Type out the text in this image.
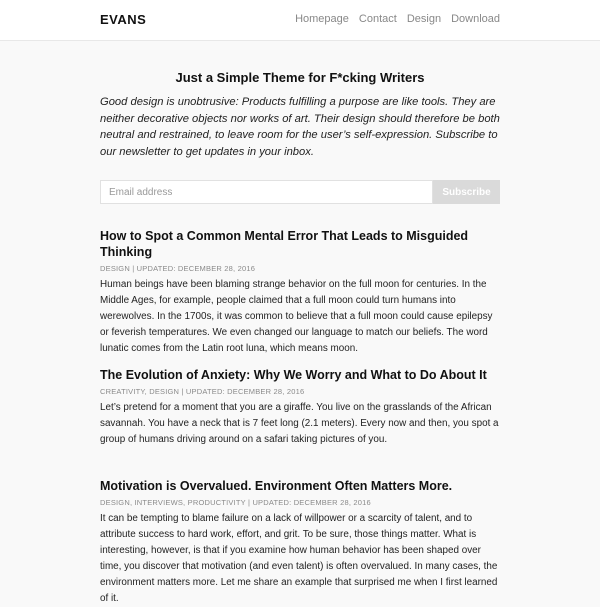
EVANS	Homepage Contact Design Download
Just a Simple Theme for F*cking Writers

Good design is unobtrusive: Products fulfilling a purpose are like tools. They are neither decorative objects nor works of art. Their design should therefore be both neutral and restrained, to leave room for the user’s self-expression. Subscribe to our newsletter to get updates in your inbox.

Email address
Subscribe
How to Spot a Common Mental Error That Leads to Misguided Thinking
DESIGN | UPDATED: DECEMBER 28, 2016
Human beings have been blaming strange behavior on the full moon for centuries. In the Middle Ages, for example, people claimed that a full moon could turn humans into werewolves. In the 1700s, it was common to believe that a full moon could cause epilepsy or feverish temperatures. We even changed our language to match our beliefs. The word lunatic comes from the Latin root luna, which means moon.
The Evolution of Anxiety: Why We Worry and What to Do About It
CREATIVITY, DESIGN | UPDATED: DECEMBER 28, 2016
Let’s pretend for a moment that you are a giraffe. You live on the grasslands of the African savannah. You have a neck that is 7 feet long (2.1 meters). Every now and then, you spot a group of humans driving around on a safari taking pictures of you.
Motivation is Overvalued. Environment Often Matters More.
DESIGN, INTERVIEWS, PRODUCTIVITY | UPDATED: DECEMBER 28, 2016
It can be tempting to blame failure on a lack of willpower or a scarcity of talent, and to attribute success to hard work, effort, and grit. To be sure, those things matter. What is interesting, however, is that if you examine how human behavior has been shaped over time, you discover that motivation (and even talent) is often overvalued. In many cases, the environment matters more. Let me share an example that surprised me when I first learned of it.
